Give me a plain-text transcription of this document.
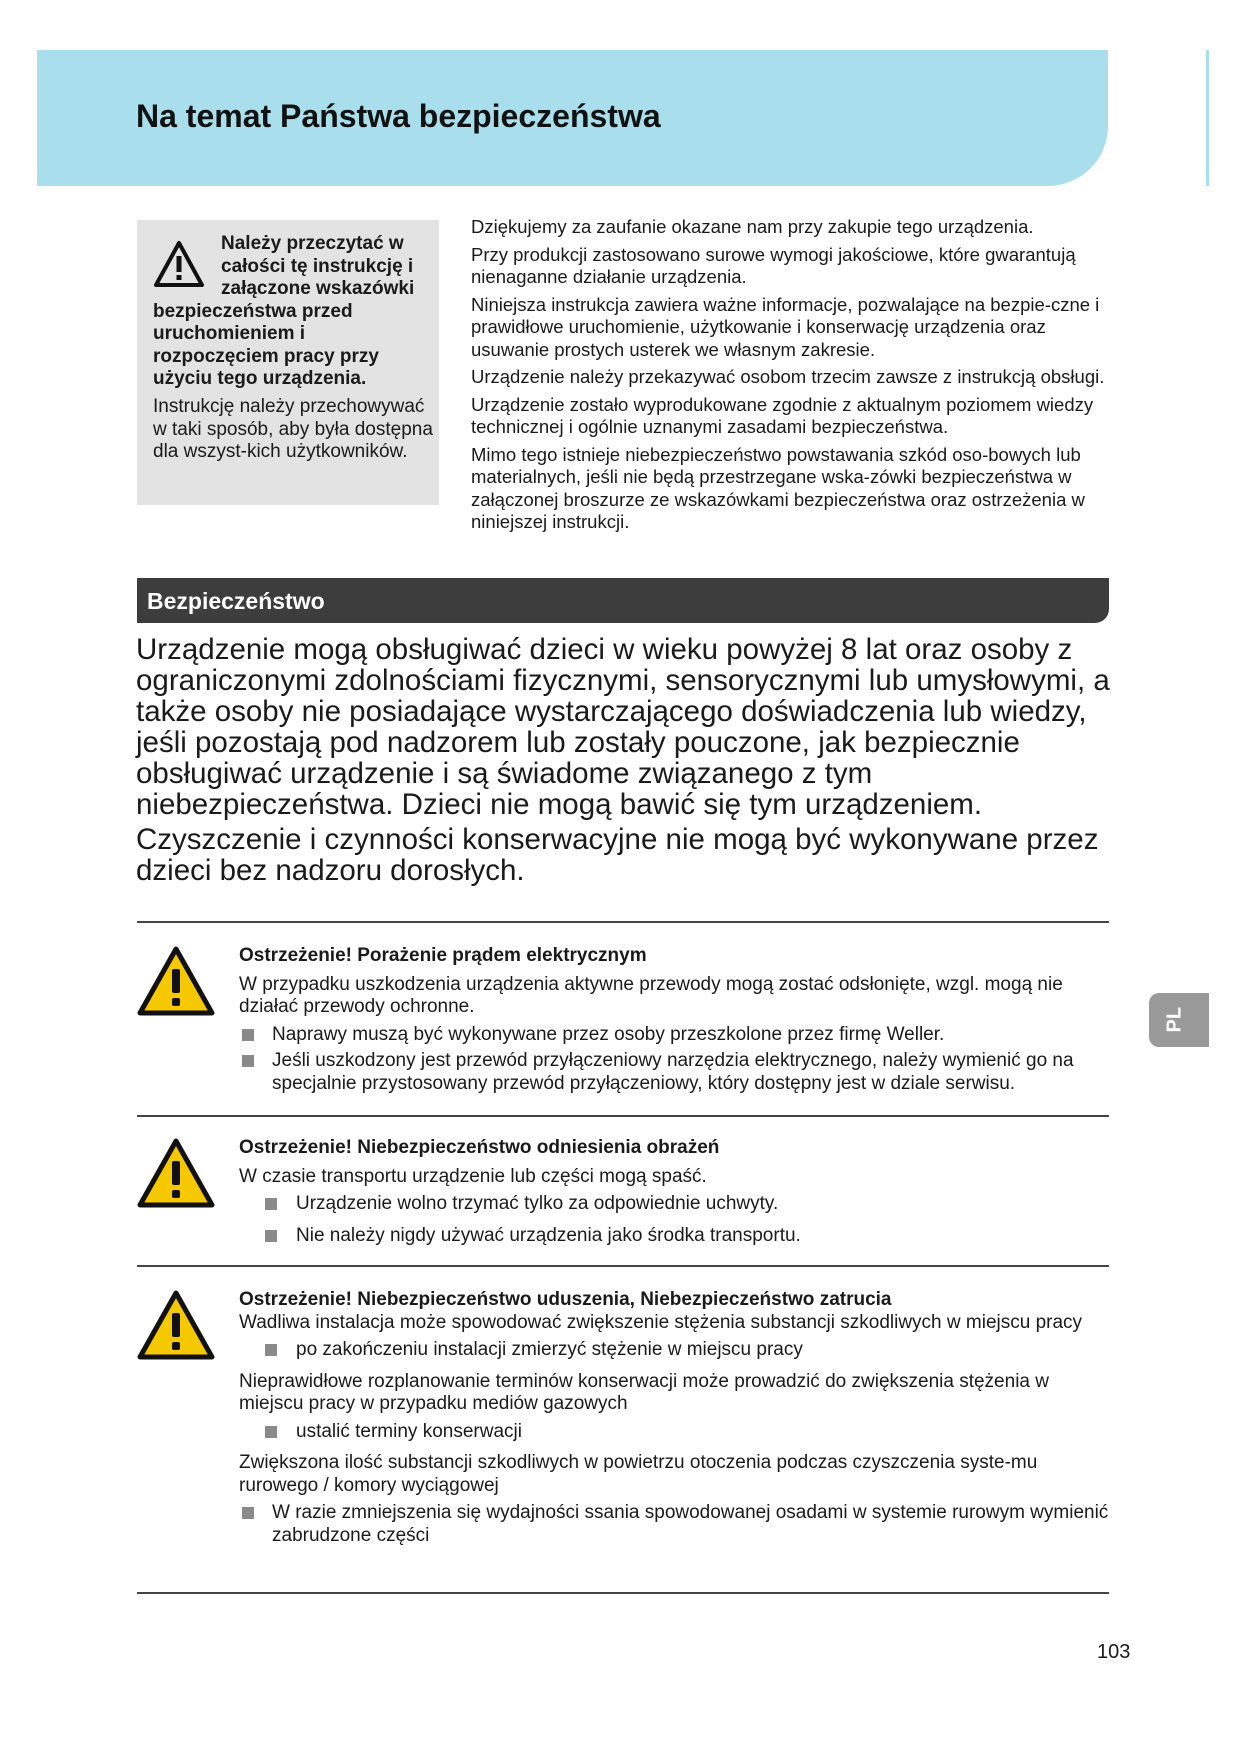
Na temat Państwa bezpieczeństwa
Należy przeczytać w
całości tę instrukcję i
załączone wskazówki
bezpieczeństwa przed uruchomieniem i rozpoczęciem pracy przy użyciu tego urządzenia.
Instrukcję należy przechowywać w taki sposób, aby była dostępna dla wszyst-kich użytkowników.

Dziękujemy za zaufanie okazane nam przy zakupie tego urządzenia.

Przy produkcji zastosowano surowe wymogi jakościowe, które gwarantują nienaganne działanie urządzenia.

Niniejsza instrukcja zawiera ważne informacje, pozwalające na bezpie-czne i prawidłowe uruchomienie, użytkowanie i konserwację urządzenia oraz usuwanie prostych usterek we własnym zakresie.

Urządzenie należy przekazywać osobom trzecim zawsze z instrukcją obsługi.

Urządzenie zostało wyprodukowane zgodnie z aktualnym poziomem wiedzy technicznej i ogólnie uznanymi zasadami bezpieczeństwa.

Mimo tego istnieje niebezpieczeństwo powstawania szkód oso-bowych lub materialnych, jeśli nie będą przestrzegane wska-zówki bezpieczeństwa w załączonej broszurze ze wskazówkami bezpieczeństwa oraz ostrzeżenia w niniejszej instrukcji.

Bezpieczeństwo

Urządzenie mogą obsługiwać dzieci w wieku powyżej 8 lat oraz osoby z ograniczonymi zdolnościami fizycznymi, sensorycznymi lub umysłowymi, a także osoby nie posiadające wystarczającego doświadczenia lub wiedzy, jeśli pozostają pod nadzorem lub zostały pouczone, jak bezpiecznie obsługiwać urządzenie i są świadome związanego z tym niebezpieczeństwa. Dzieci nie mogą bawić się tym urządzeniem.

Czyszczenie i czynności konserwacyjne nie mogą być wykonywane przez dzieci bez nadzoru dorosłych.

Ostrzeżenie! Porażenie prądem elektrycznym

W przypadku uszkodzenia urządzenia aktywne przewody mogą zostać odsłonięte, wzgl. mogą nie działać przewody ochronne.

Naprawy muszą być wykonywane przez osoby przeszkolone przez firmę Weller.
Jeśli uszkodzony jest przewód przyłączeniowy narzędzia elektrycznego, należy wymienić go na specjalnie przystosowany przewód przyłączeniowy, który dostępny jest w dziale serwisu.
Ostrzeżenie! Niebezpieczeństwo odniesienia obrażeń

W czasie transportu urządzenie lub części mogą spaść.

Urządzenie wolno trzymać tylko za odpowiednie uchwyty.
Nie należy nigdy używać urządzenia jako środka transportu.
Ostrzeżenie! Niebezpieczeństwo uduszenia, Niebezpieczeństwo zatrucia

Wadliwa instalacja może spowodować zwiększenie stężenia substancji szkodliwych w miejscu pracy

po zakończeniu instalacji zmierzyć stężenie w miejscu pracy

Nieprawidłowe rozplanowanie terminów konserwacji może prowadzić do zwiększenia stężenia w miejscu pracy w przypadku mediów gazowych

ustalić terminy konserwacji

Zwiększona ilość substancji szkodliwych w powietrzu otoczenia podczas czyszczenia syste-mu rurowego / komory wyciągowej

W razie zmniejszenia się wydajności ssania spowodowanej osadami w systemie rurowym wymienić zabrudzone części
PL
103
